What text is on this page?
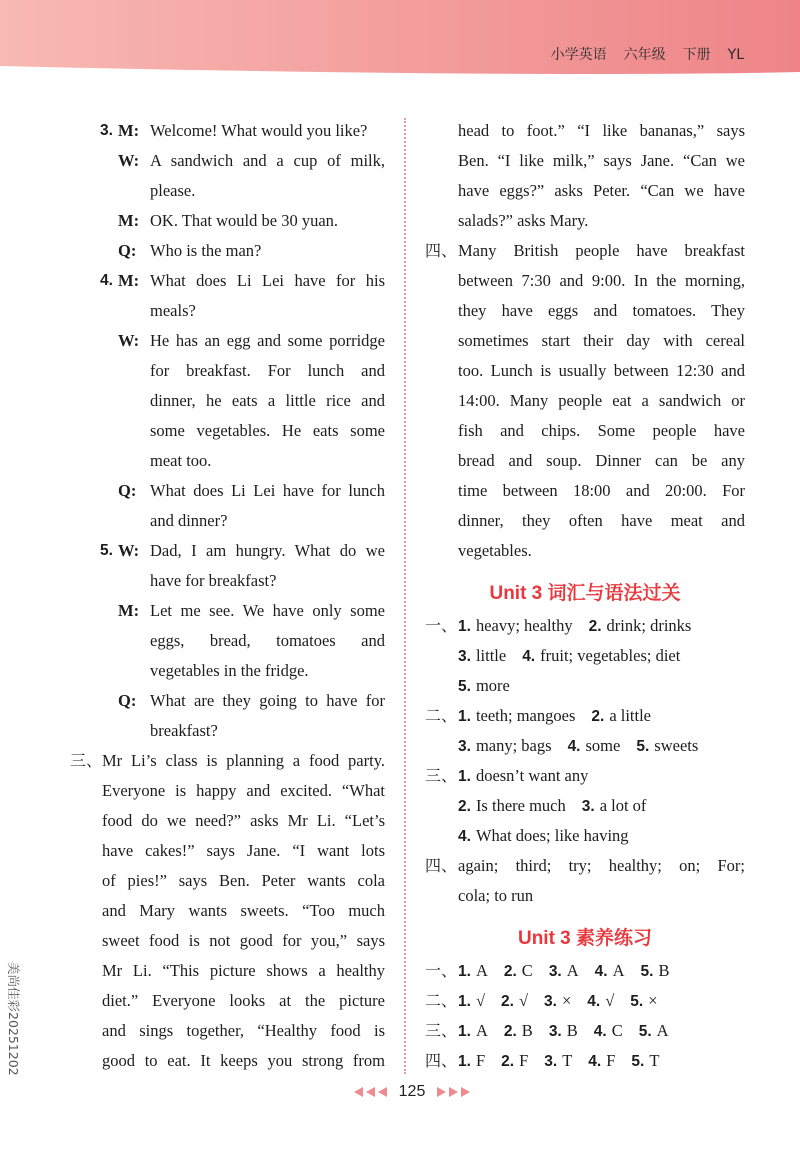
小学英语 六年级 下册 YL
3. M: Welcome! What would you like?
W: A sandwich and a cup of milk,
please.
M: OK. That would be 30 yuan.
Q: Who is the man?
4. M: What does Li Lei have for his
meals?
W: He has an egg and some porridge
for breakfast. For lunch and
dinner, he eats a little rice and
some vegetables. He eats some
meat too.
Q: What does Li Lei have for lunch
and dinner?
5. W: Dad, I am hungry. What do we
have for breakfast?
M: Let me see. We have only some
eggs, bread, tomatoes and
vegetables in the fridge.
Q: What are they going to have for
breakfast?
三、 Mr Li’s class is planning a food party.
Everyone is happy and excited. “What
food do we need?” asks Mr Li. “Let’s
have cakes!” says Jane. “I want lots
of pies!” says Ben. Peter wants cola
and Mary wants sweets. “Too much
sweet food is not good for you,” says
Mr Li. “This picture shows a healthy
diet.” Everyone looks at the picture
and sings together, “Healthy food is
good to eat. It keeps you strong from
head to foot.” “I like bananas,” says
Ben. “I like milk,” says Jane. “Can we
have eggs?” asks Peter. “Can we have
salads?” asks Mary.
四、 Many British people have breakfast
between 7:30 and 9:00. In the morning,
they have eggs and tomatoes. They
sometimes start their day with cereal
too. Lunch is usually between 12:30 and
14:00. Many people eat a sandwich or
fish and chips. Some people have
bread and soup. Dinner can be any
time between 18:00 and 20:00. For
dinner, they often have meat and
vegetables.
Unit 3 词汇与语法过关
一、 1. heavy; healthy 2. drink; drinks
3. little 4. fruit; vegetables; diet
5. more
二、 1. teeth; mangoes 2. a little
3. many; bags 4. some 5. sweets
三、 1. doesn’t want any
2. Is there much 3. a lot of
4. What does; like having
四、 again; third; try; healthy; on; For;
cola; to run
Unit 3 素养练习
一、 1. A 2. C 3. A 4. A 5. B
二、 1. √ 2. √ 3. × 4. √ 5. ×
三、 1. A 2. B 3. B 4. C 5. A
四、 1. F 2. F 3. T 4. F 5. T
125
美尚佳彩20251202
